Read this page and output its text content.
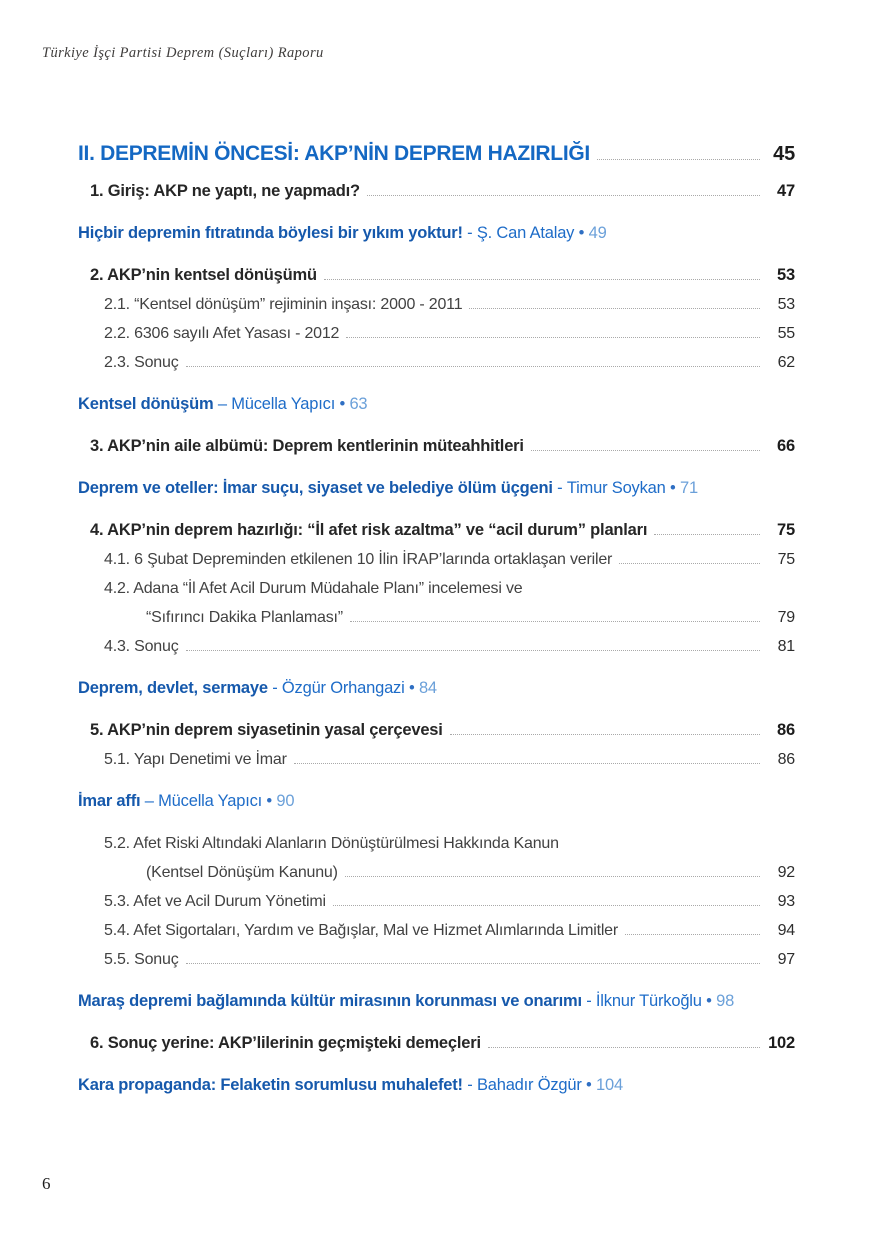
Türkiye İşçi Partisi Deprem (Suçları) Raporu
II. DEPREMİN ÖNCESİ: AKP’NİN DEPREM HAZIRLIĞI	45
1. Giriş: AKP ne yaptı, ne yapmadı?	47
Hiçbir depremin fıtratında böylesi bir yıkım yoktur! - Ş. Can Atalay • 49
2. AKP’nin kentsel dönüşümü	53
2.1. “Kentsel dönüşüm” rejiminin inşası: 2000 - 2011	53
2.2. 6306 sayılı Afet Yasası - 2012	55
2.3. Sonuç	62
Kentsel dönüşüm – Mücella Yapıcı • 63
3. AKP’nin aile albümü: Deprem kentlerinin müteahhitleri	66
Deprem ve oteller: İmar suçu, siyaset ve belediye ölüm üçgeni - Timur Soykan • 71
4. AKP’nin deprem hazırlığı: “İl afet risk azaltma” ve “acil durum” planları	75
4.1. 6 Şubat Depreminden etkilenen 10 İlin İRAP’larında ortaklaşan veriler	75
4.2. Adana “İl Afet Acil Durum Müdahale Planı” incelemesi ve
“Sıfırıncı Dakika Planlaması”	79
4.3. Sonuç	81
Deprem, devlet, sermaye - Özgür Orhangazi • 84
5. AKP’nin deprem siyasetinin yasal çerçevesi	86
5.1. Yapı Denetimi ve İmar	86
İmar affı – Mücella Yapıcı • 90
5.2. Afet Riski Altındaki Alanların Dönüştürülmesi Hakkında Kanun
(Kentsel Dönüşüm Kanunu)	92
5.3. Afet ve Acil Durum Yönetimi	93
5.4. Afet Sigortaları, Yardım ve Bağışlar, Mal ve Hizmet Alımlarında Limitler	94
5.5. Sonuç	97
Maraş depremi bağlamında kültür mirasının korunması ve onarımı - İlknur Türkoğlu • 98
6. Sonuç yerine: AKP’lilerinin geçmişteki demeçleri	102
Kara propaganda: Felaketin sorumlusu muhalefet! - Bahadır Özgür • 104
6
